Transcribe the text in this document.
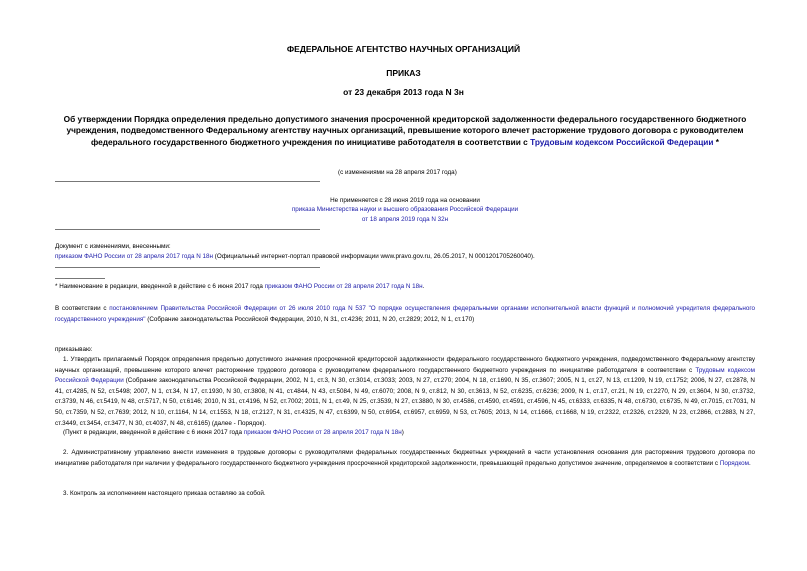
ФЕДЕРАЛЬНОЕ АГЕНТСТВО НАУЧНЫХ ОРГАНИЗАЦИЙ
ПРИКАЗ
от 23 декабря 2013 года N 3н
Об утверждении Порядка определения предельно допустимого значения просроченной кредиторской задолженности федерального государственного бюджетного учреждения, подведомственного Федеральному агентству научных организаций, превышение которого влечет расторжение трудового договора с руководителем федерального государственного бюджетного учреждения по инициативе работодателя в соответствии с Трудовым кодексом Российской Федерации *
(с изменениями на 28 апреля 2017 года)
Не применяется с 28 июня 2019 года на основании
приказа Министерства науки и высшего образования Российской Федерации
от 18 апреля 2019 года N 32н
Документ с изменениями, внесенными:
приказом ФАНО России от 28 апреля 2017 года N 18н (Официальный интернет-портал правовой информации www.pravo.gov.ru, 26.05.2017, N 0001201705260040).
* Наименование в редакции, введенной в действие с 6 июня 2017 года приказом ФАНО России от 28 апреля 2017 года N 18н.
В соответствии с постановлением Правительства Российской Федерации от 26 июля 2010 года N 537 "О порядке осуществления федеральными органами исполнительной власти функций и полномочий учредителя федерального государственного учреждения" (Собрание законодательства Российской Федерации, 2010, N 31, ст.4236; 2011, N 20, ст.2829; 2012, N 1, ст.170)
приказываю:
1. Утвердить прилагаемый Порядок определения предельно допустимого значения просроченной кредиторской задолженности федерального государственного бюджетного учреждения, подведомственного Федеральному агентству научных организаций, превышение которого влечет расторжение трудового договора с руководителем федерального государственного бюджетного учреждения по инициативе работодателя в соответствии с Трудовым кодексом Российской Федерации (Собрание законодательства Российской Федерации, 2002, N 1, ст.3, N 30, ст.3014, ст.3033; 2003, N 27, ст.270; 2004, N 18, ст.1690, N 35, ст.3607; 2005, N 1, ст.27, N 13, ст.1209, N 19, ст.1752; 2006, N 27, ст.2878, N 41, ст.4285, N 52, ст.5498; 2007, N 1, ст.34, N 17, ст.1930, N 30, ст.3808, N 41, ст.4844, N 43, ст.5084, N 49, ст.6070; 2008, N 9, ст.812, N 30, ст.3613, N 52, ст.6235, ст.6236; 2009, N 1, ст.17, ст.21, N 19, ст.2270, N 29, ст.3604, N 30, ст.3732, ст.3739, N 46, ст.5419, N 48, ст.5717, N 50, ст.6146; 2010, N 31, ст.4196, N 52, ст.7002; 2011, N 1, ст.49, N 25, ст.3539, N 27, ст.3880, N 30, ст.4586, ст.4590, ст.4591, ст.4596, N 45, ст.6333, ст.6335, N 48, ст.6730, ст.6735, N 49, ст.7015, ст.7031, N 50, ст.7359, N 52, ст.7639; 2012, N 10, ст.1164, N 14, ст.1553, N 18, ст.2127, N 31, ст.4325, N 47, ст.6399, N 50, ст.6954, ст.6957, ст.6959, N 53, ст.7605; 2013, N 14, ст.1666, ст.1668, N 19, ст.2322, ст.2326, ст.2329, N 23, ст.2866, ст.2883, N 27, ст.3449, ст.3454, ст.3477, N 30, ст.4037, N 48, ст.6165) (далее - Порядок).
(Пункт в редакции, введенной в действие с 6 июня 2017 года приказом ФАНО России от 28 апреля 2017 года N 18н)
2. Административному управлению внести изменения в трудовые договоры с руководителями федеральных государственных бюджетных учреждений в части установления основания для расторжения трудового договора по инициативе работодателя при наличии у федерального государственного бюджетного учреждения просроченной кредиторской задолженности, превышающей предельно допустимое значение, определяемое в соответствии с Порядком.
3. Контроль за исполнением настоящего приказа оставляю за собой.
